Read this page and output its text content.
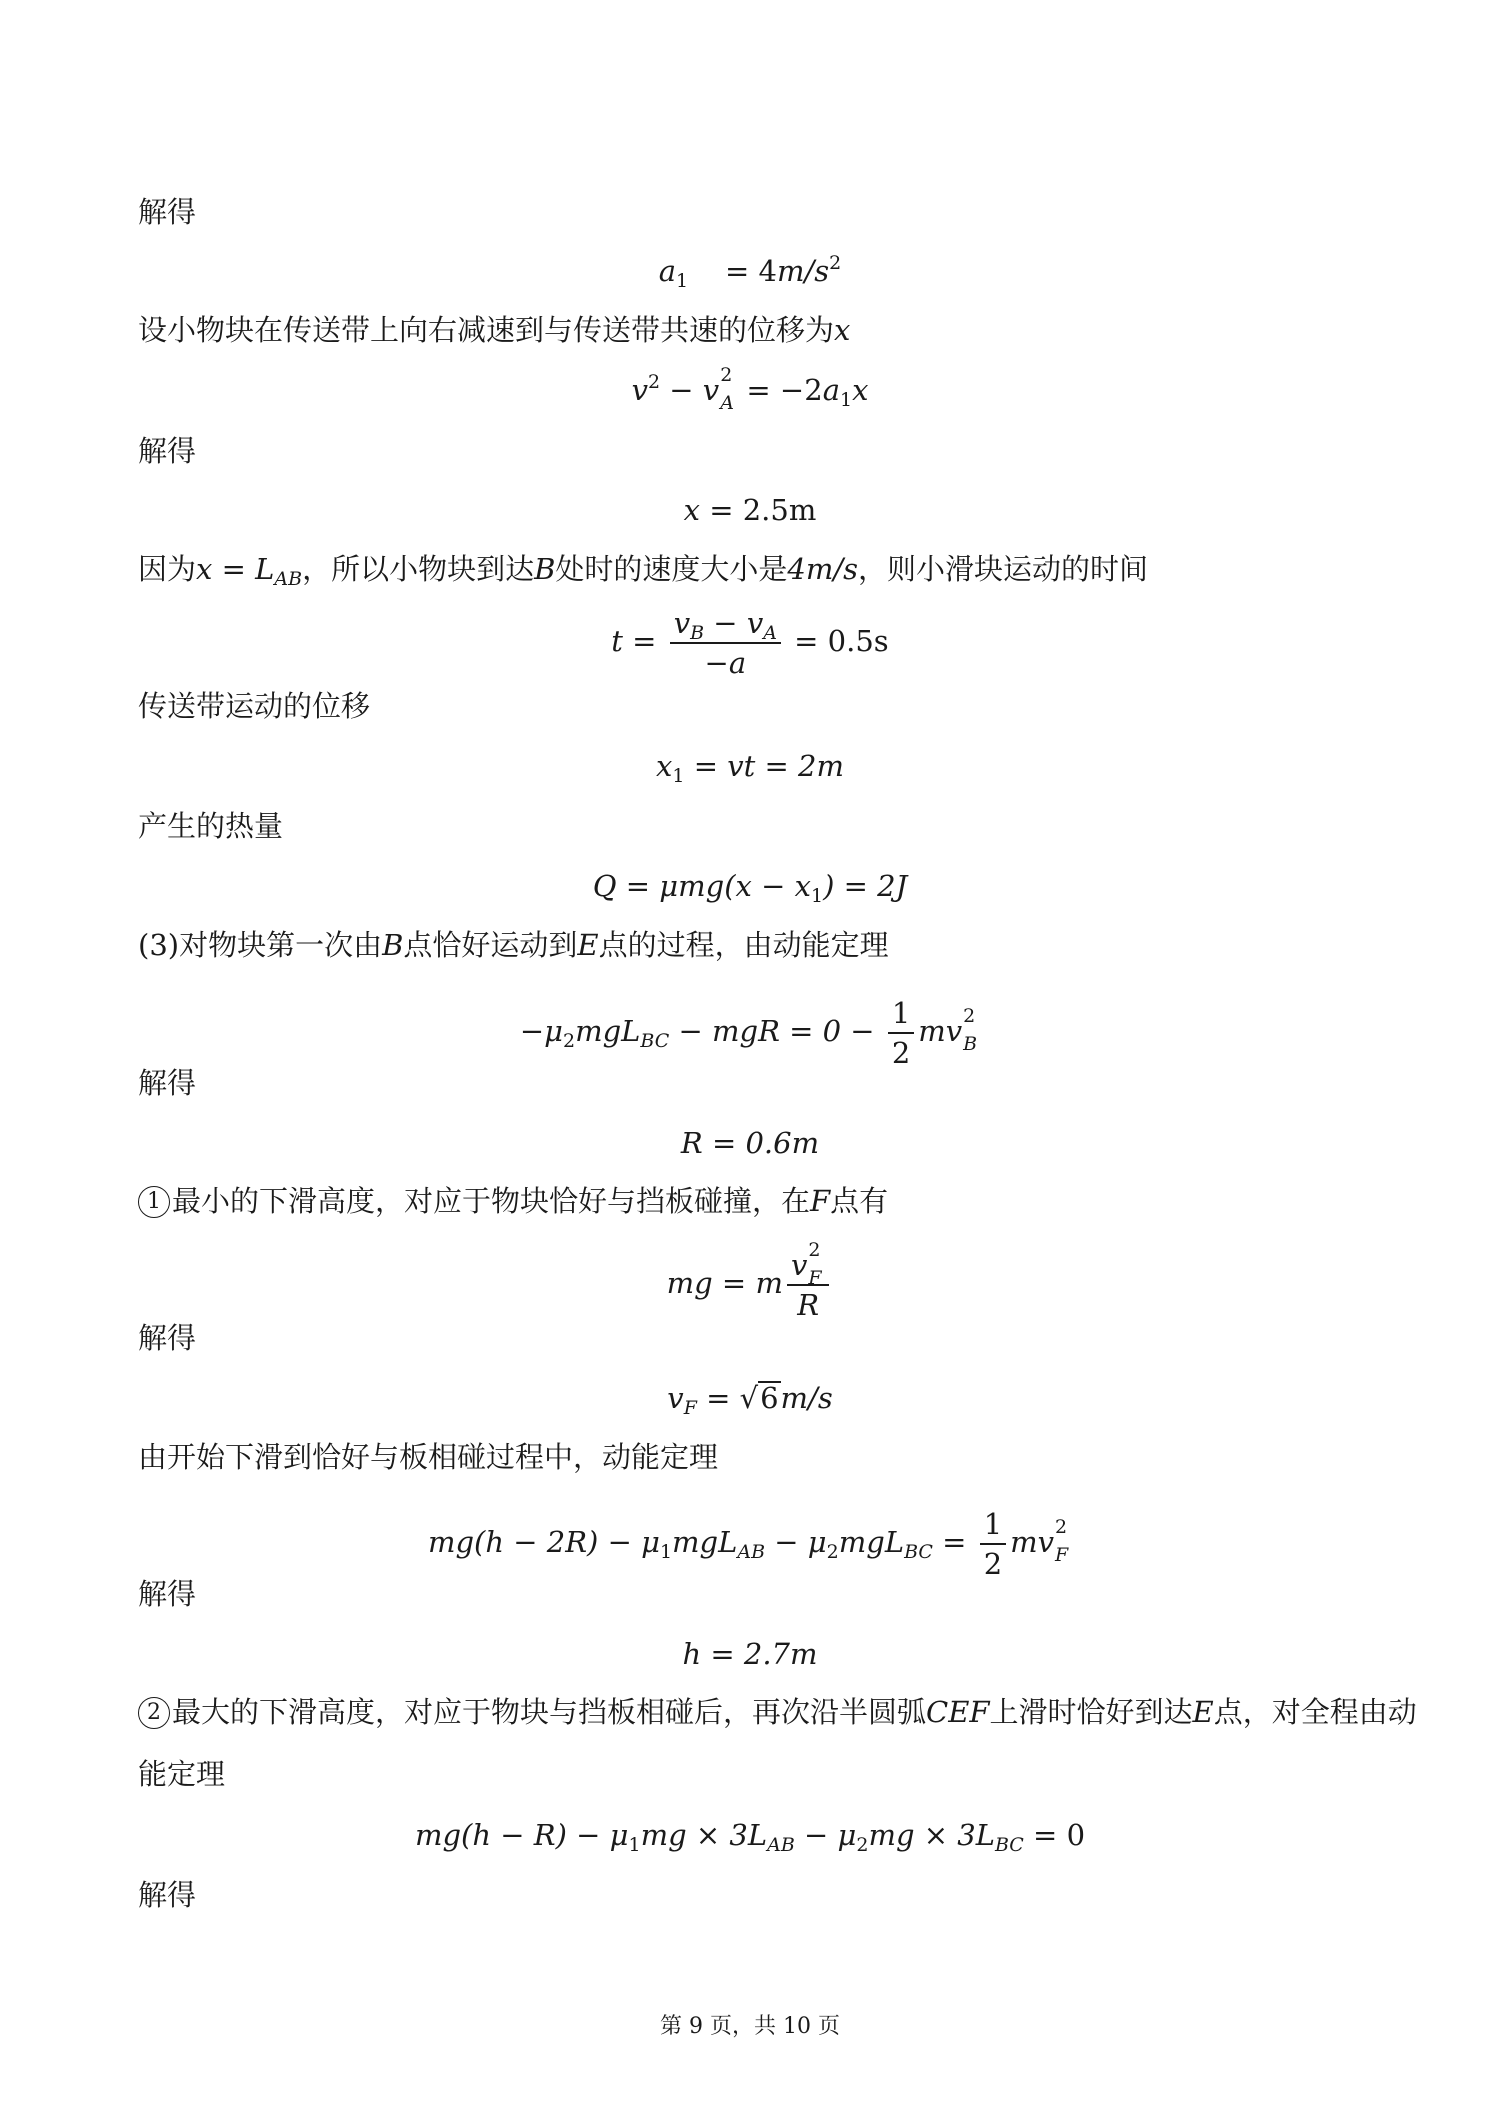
解得
$a_1 = 4m/s^2$
设小物块在传送带上向右减速到与传送带共速的位移为x
$v^2 - v$ 2
$A = -2a_1x$
解得
x = 2.5m
因为$x = L_{AB}$，所以小物块到达B处时的速度大小是4m/s，则小滑块运动的时间
$t = \frac{v_B - v_A}{-a} = 0.5s$
传送带运动的位移
$x_1$ = vt = 2m
产生的热量
$Q = \mu mg(x - x_1) = 2J$
(3)对物块第一次由B点恰好运动到E点的过程，由动能定理
$-\mu_2mgL_{BC}$ − mgR = $0 - \frac{1}{2}$ mv 2
B
解得
R = 0.6m
1 最小的下滑高度，对应于物块恰好与挡板碰撞，在F点有
mg = m v 2
F
R
解得
$v_F = √6m/s$
由开始下滑到恰好与板相碰过程中，动能定理
$mg(h - 2R) - \mu_1mgL_{AB} - \mu_2mgL_{BC} = \frac{1}{2}$ mv 2
F
解得
h = 2.7m
2 最大的下滑高度，对应于物块与挡板相碰后，再次沿半圆弧CEF上滑时恰好到达E点，对全程由动
能定理
$mg(h - R) - \mu_1mg \times 3L_{AB} - \mu_2mg \times 3L_{BC} = 0$
解得
第 9 页，共 10 页
